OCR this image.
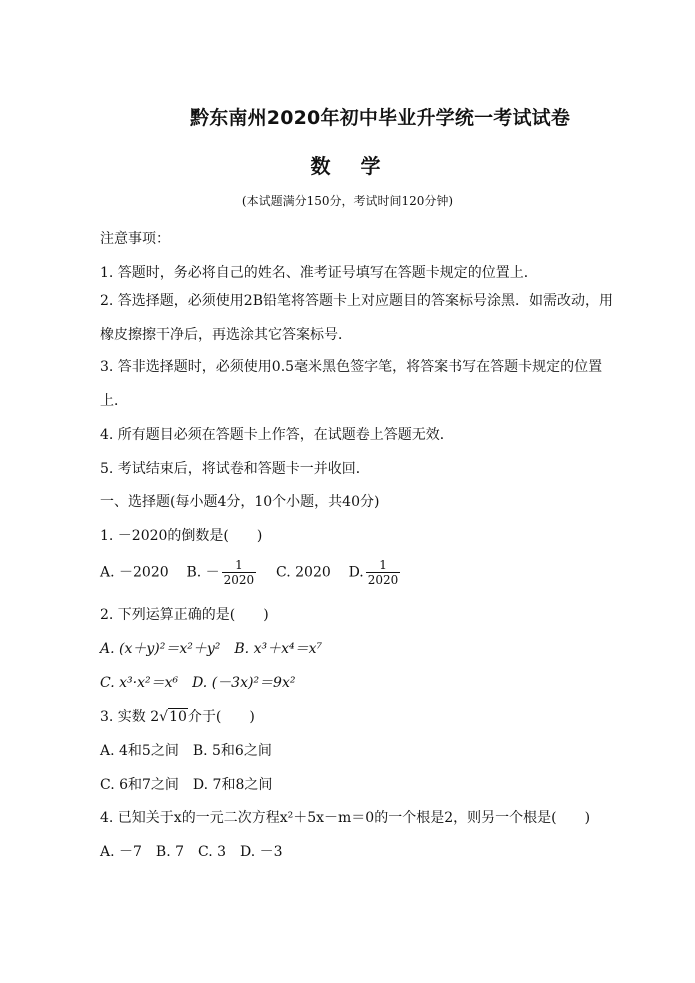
黔东南州2020年初中毕业升学统一考试试卷
数 学
(本试题满分150分，考试时间120分钟)
注意事项：
1. 答题时，务必将自己的姓名、准考证号填写在答题卡规定的位置上．
2. 答选择题，必须使用2B铅笔将答题卡上对应题目的答案标号涂黑．如需改动，用橡皮擦擦干净后，再选涂其它答案标号．
3. 答非选择题时，必须使用0.5毫米黑色签字笔，将答案书写在答题卡规定的位置上．
4. 所有题目必须在答题卡上作答，在试题卷上答题无效．
5. 考试结束后，将试卷和答题卡一并收回．
一、选择题(每小题4分，10个小题，共40分)
1. －2020的倒数是(　　)
A. －2020 B. － $\frac{1}{2020} C$. 2020 D. $\frac{1}{2020}$
2. 下列运算正确的是(　　)
A. (x＋y)²＝x²＋y²　B. x³＋x⁴＝x⁷
C. x³·x²＝x⁶　D. (－3x)²＝9x²
3. 实数 2√10介于(　　)
A. 4和5之间　B. 5和6之间
C. 6和7之间　D. 7和8之间
4. 已知关于x的一元二次方程x²＋5x－m＝0的一个根是2，则另一个根是(　　)
A. －7　B. 7　C. 3　D. －3
